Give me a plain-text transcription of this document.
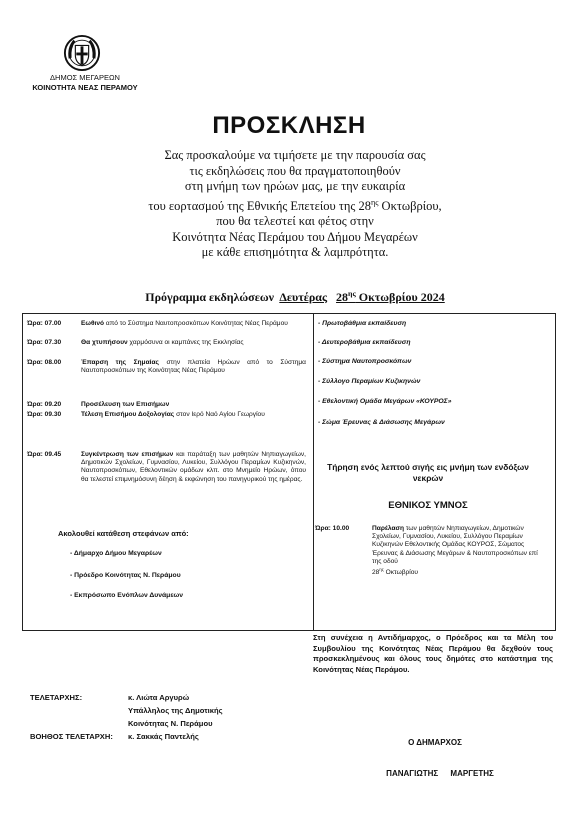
ΔΗΜΟΣ ΜΕΓΑΡΕΩΝ
ΚΟΙΝΟΤΗΤΑ ΝΕΑΣ ΠΕΡΑΜΟΥ
ΠΡΟΣΚΛΗΣΗ
Σας προσκαλούμε να τιμήσετε με την παρουσία σας
τις εκδηλώσεις που θα πραγματοποιηθούν
στη μνήμη των ηρώων μας, με την ευκαιρία
του εορτασμού της Εθνικής Επετείου της $28^{\eta\varsigma}$ Οκτωβρίου,
που θα τελεστεί και φέτος στην
Κοινότητα Νέας Περάμου του Δήμου Μεγαρέων
με κάθε επισημότητα & λαμπρότητα.
Πρόγραμμα εκδηλώσεων Δευτέρας $28^{\eta\varsigma}$ Οκτωβρίου 2024
Ώρα: 07.00	Εωθινό από το Σύστημα Ναυτοπροσκόπων Κοινότητας Νέας Περάμου
Ώρα: 07.30	Θα χτυπήσουν χαρμόσυνα οι καμπάνες της Εκκλησίας
Ώρα: 08.00	Έπαρση της Σημαίας στην πλατεία Ηρώων από το Σύστημα Ναυτοπροσκόπων της Κοινότητας Νέας Περάμου
Ώρα: 09.20	Προσέλευση των Επισήμων
Ώρα: 09.30	Τέλεση Επισήμου Δοξολογίας στον Ιερό Ναό Αγίου Γεωργίου
Ώρα: 09.45	Συγκέντρωση των επισήμων και παράταξη των μαθητών Νηπιαγωγείων, Δημοτικών Σχολείων, Γυμνασίου, Λυκείου, Συλλόγου Περαμίων Κυζικηνών, Ναυτοπροσκόπων, Εθελοντικών ομάδων κλπ. στο Μνημείο Ηρώων, όπου θα τελεστεί επιμνημόσυνη δέηση & εκφώνηση του πανηγυρικού της ημέρας.
Ακολουθεί κατάθεση στεφάνων από:
- Δήμαρχο Δήμου Μεγαρέων
- Πρόεδρο Κοινότητας Ν. Περάμου
- Εκπρόσωπο Ενόπλων Δυνάμεων
- Πρωτοβάθμια εκπαίδευση
- Δευτεροβάθμια εκπαίδευση
- Σύστημα Ναυτοπροσκόπων
- Σύλλογο Περαμίων Κυζικηνών
- Εθελοντική Ομάδα Μεγάρων «ΚΟΥΡΟΣ»
- Σώμα Έρευνας & Διάσωσης Μεγάρων
Τήρηση ενός λεπτού σιγής εις μνήμη των ενδόξων νεκρών
ΕΘΝΙΚΟΣ ΥΜΝΟΣ
Ώρα: 10.00	Παρέλαση των μαθητών Νηπιαγωγείων, Δημοτικών Σχολείων, Γυμνασίου, Λυκείου, Συλλόγου Περαμίων Κυζικηνών Εθελοντικής Ομάδας ΚΟΥΡΟΣ, Σώματος Έρευνας & Διάσωσης Μεγάρων & Ναυτοπροσκόπων επί της οδού
$28^{\eta\varsigma}$ Οκτωβρίου
Στη συνέχεια η Αντιδήμαρχος, ο Πρόεδρος και τα Μέλη του Συμβουλίου της Κοινότητας Νέας Περάμου θα δεχθούν τους προσκεκλημένους και όλους τους δημότες στο κατάστημα της Κοινότητας Νέας Περάμου.
ΤΕΛΕΤΑΡΧΗΣ:	κ. Λιώτα Αργυρώ
Υπάλληλος της Δημοτικής
Κοινότητας Ν. Περάμου
ΒΟΗΘΟΣ ΤΕΛΕΤΑΡΧΗ: κ. Σακκάς Παντελής
Ο ΔΗΜΑΡΧΟΣ
ΠΑΝΑΓΙΩΤΗΣ ΜΑΡΓΕΤΗΣ
